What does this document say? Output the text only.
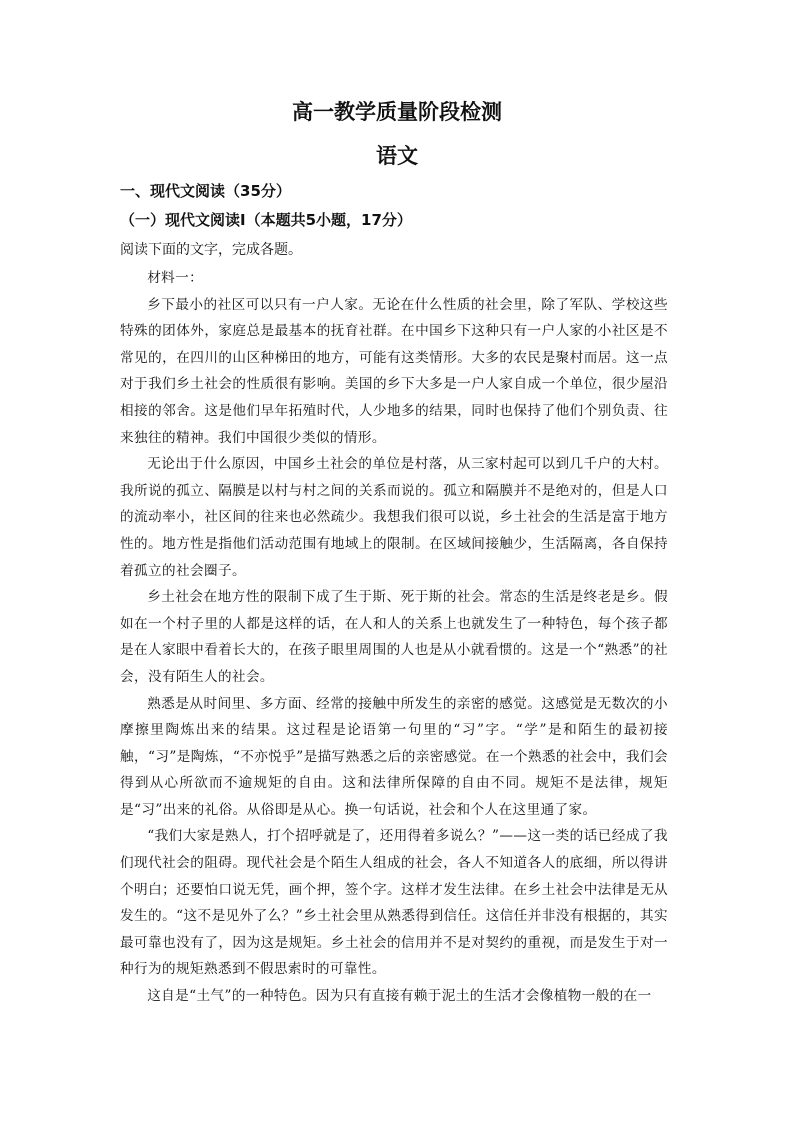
高一教学质量阶段检测
语文
一、现代文阅读（35分）
（一）现代文阅读Ⅰ（本题共5小题，17分）
阅读下面的文字，完成各题。

材料一：

乡下最小的社区可以只有一户人家。无论在什么性质的社会里，除了军队、学校这些特殊的团体外，家庭总是最基本的抚育社群。在中国乡下这种只有一户人家的小社区是不常见的，在四川的山区种梯田的地方，可能有这类情形。大多的农民是聚村而居。这一点对于我们乡土社会的性质很有影响。美国的乡下大多是一户人家自成一个单位，很少屋沿相接的邻舍。这是他们早年拓殖时代，人少地多的结果，同时也保持了他们个别负责、往来独往的精神。我们中国很少类似的情形。

无论出于什么原因，中国乡土社会的单位是村落，从三家村起可以到几千户的大村。我所说的孤立、隔膜是以村与村之间的关系而说的。孤立和隔膜并不是绝对的，但是人口的流动率小，社区间的往来也必然疏少。我想我们很可以说，乡土社会的生活是富于地方性的。地方性是指他们活动范围有地域上的限制。在区域间接触少，生活隔离，各自保持着孤立的社会圈子。

乡土社会在地方性的限制下成了生于斯、死于斯的社会。常态的生活是终老是乡。假如在一个村子里的人都是这样的话，在人和人的关系上也就发生了一种特色，每个孩子都是在人家眼中看着长大的，在孩子眼里周围的人也是从小就看惯的。这是一个“熟悉”的社会，没有陌生人的社会。

熟悉是从时间里、多方面、经常的接触中所发生的亲密的感觉。这感觉是无数次的小摩擦里陶炼出来的结果。这过程是论语第一句里的“习”字。“学”是和陌生的最初接触，“习”是陶炼，“不亦悦乎”是描写熟悉之后的亲密感觉。在一个熟悉的社会中，我们会得到从心所欲而不逾规矩的自由。这和法律所保障的自由不同。规矩不是法律，规矩是“习”出来的礼俗。从俗即是从心。换一句话说，社会和个人在这里通了家。

“我们大家是熟人，打个招呼就是了，还用得着多说么？”——这一类的话已经成了我们现代社会的阻碍。现代社会是个陌生人组成的社会，各人不知道各人的底细，所以得讲个明白；还要怕口说无凭，画个押，签个字。这样才发生法律。在乡土社会中法律是无从发生的。“这不是见外了么？”乡土社会里从熟悉得到信任。这信任并非没有根据的，其实最可靠也没有了，因为这是规矩。乡土社会的信用并不是对契约的重视，而是发生于对一种行为的规矩熟悉到不假思索时的可靠性。

这自是“土气”的一种特色。因为只有直接有赖于泥土的生活才会像植物一般的在一
